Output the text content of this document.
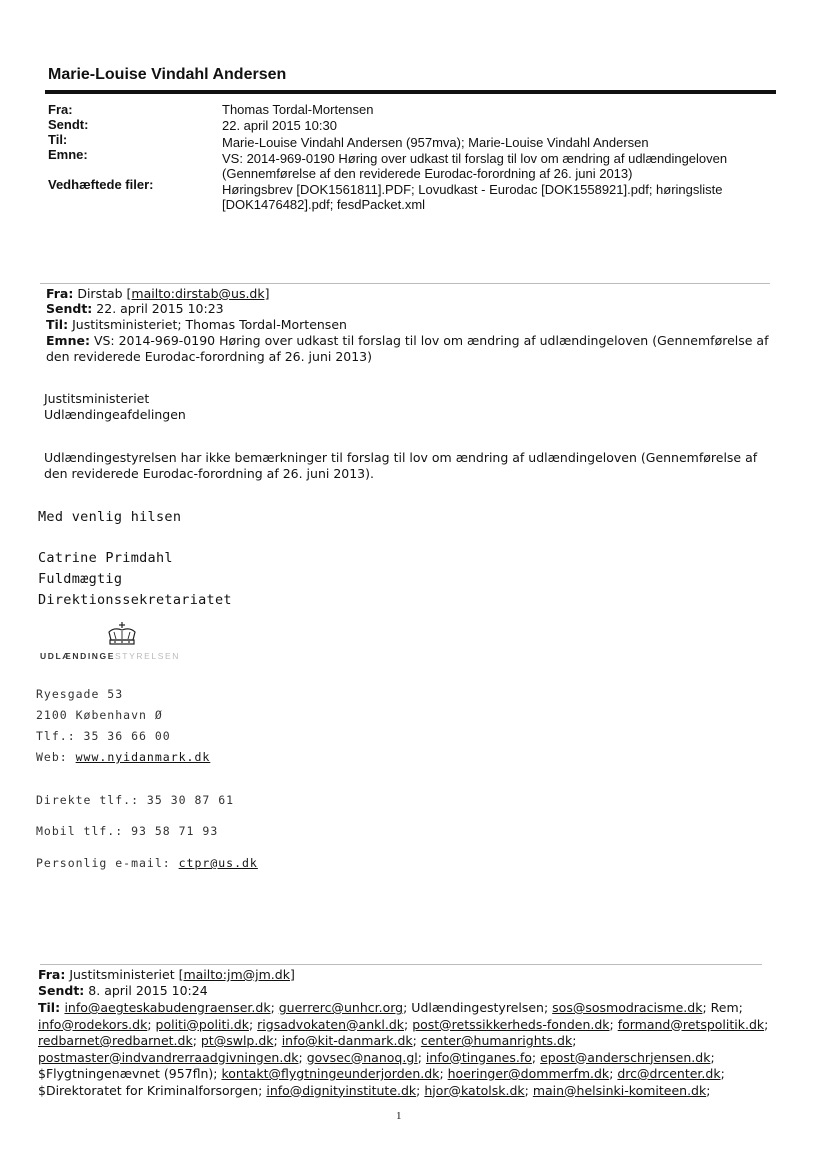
Marie-Louise Vindahl Andersen
Fra:	Thomas Tordal-Mortensen
Sendt:	22. april 2015 10:30
Til:	Marie-Louise Vindahl Andersen (957mva); Marie-Louise Vindahl Andersen
Emne:	VS: 2014-969-0190 Høring over udkast til forslag til lov om ændring af udlændingeloven
(Gennemførelse af den reviderede Eurodac-forordning af 26. juni 2013)
Vedhæftede filer:	Høringsbrev [DOK1561811].PDF; Lovudkast - Eurodac [DOK1558921].pdf; høringsliste
[DOK1476482].pdf; fesdPacket.xml
Fra: Dirstab [mailto:dirstab@us.dk]
Sendt: 22. april 2015 10:23
Til: Justitsministeriet; Thomas Tordal-Mortensen
Emne: VS: 2014-969-0190 Høring over udkast til forslag til lov om ændring af udlændingeloven (Gennemførelse af
den reviderede Eurodac-forordning af 26. juni 2013)
Justitsministeriet
Udlændingeafdelingen
Udlændingestyrelsen har ikke bemærkninger til forslag til lov om ændring af udlændingeloven (Gennemførelse af
den reviderede Eurodac-forordning af 26. juni 2013).
Med venlig hilsen
Catrine Primdahl
Fuldmægtig
Direktionssekretariatet
UDLÆNDINGESTYRELSEN
Ryesgade 53
2100 København Ø
Tlf.: 35 36 66 00
Web: www.nyidanmark.dk
Direkte tlf.: 35 30 87 61
Mobil tlf.: 93 58 71 93
Personlig e-mail: ctpr@us.dk
Fra: Justitsministeriet [mailto:jm@jm.dk]
Sendt: 8. april 2015 10:24
Til: info@aegteskabudengraenser.dk; guerrerc@unhcr.org; Udlændingestyrelsen; sos@sosmodracisme.dk; Rem;
info@rodekors.dk; politi@politi.dk; rigsadvokaten@ankl.dk; post@retssikkerheds-fonden.dk; formand@retspolitik.dk;
redbarnet@redbarnet.dk; pt@swlp.dk; info@kit-danmark.dk; center@humanrights.dk;
postmaster@indvandrerraadgivningen.dk; govsec@nanoq.gl; info@tinganes.fo; epost@anderschrjensen.dk;
$Flygtningenævnet (957fln); kontakt@flygtningeunderjorden.dk; hoeringer@dommerfm.dk; drc@drcenter.dk;
$Direktoratet for Kriminalforsorgen; info@dignityinstitute.dk; hjor@katolsk.dk; main@helsinki-komiteen.dk;
1
